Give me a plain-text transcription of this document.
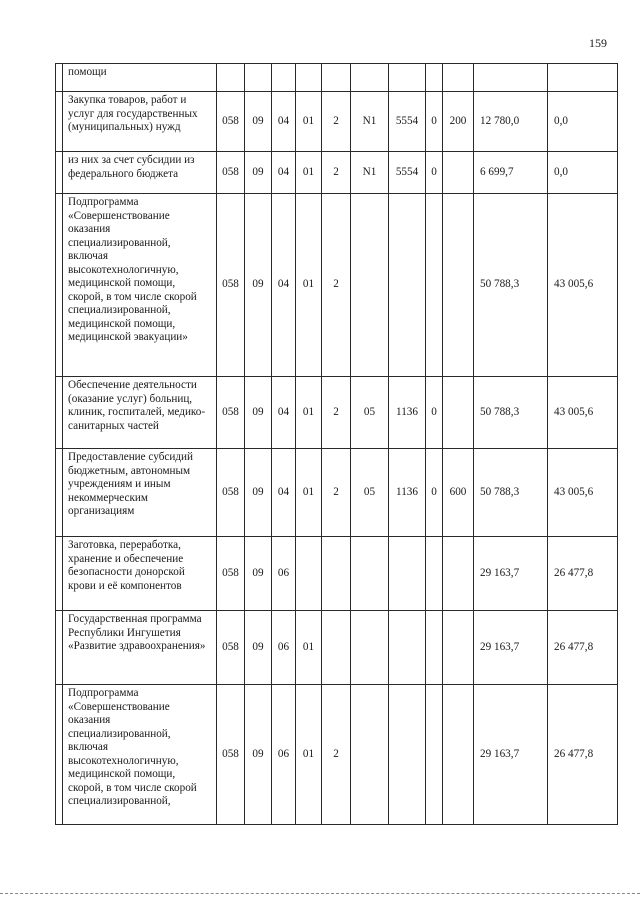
159
	помощи											
	Закупка товаров, работ и услуг для государственных (муниципальных) нужд	058	09	04	01	2	N1	5554	0	200	12 780,0	0,0
	из них за счет субсидии из федерального бюджета	058	09	04	01	2	N1	5554	0		6 699,7	0,0
	Подпрограмма «Совершенствование оказания специализированной, включая высокотехнологичную, медицинской помощи, скорой, в том числе скорой специализированной, медицинской помощи, медицинской эвакуации»	058	09	04	01	2					50 788,3	43 005,6
	Обеспечение деятельности (оказание услуг) больниц, клиник, госпиталей, медико-санитарных частей	058	09	04	01	2	05	1136	0		50 788,3	43 005,6
	Предоставление субсидий бюджетным, автономным учреждениям и иным некоммерческим организациям	058	09	04	01	2	05	1136	0	600	50 788,3	43 005,6
	Заготовка, переработка, хранение и обеспечение безопасности донорской крови и её компонентов	058	09	06							29 163,7	26 477,8
	Государственная программа Республики Ингушетия «Развитие здравоохранения»	058	09	06	01						29 163,7	26 477,8
	Подпрограмма «Совершенствование оказания специализированной, включая высокотехнологичную, медицинской помощи, скорой, в том числе скорой специализированной,	058	09	06	01	2					29 163,7	26 477,8
